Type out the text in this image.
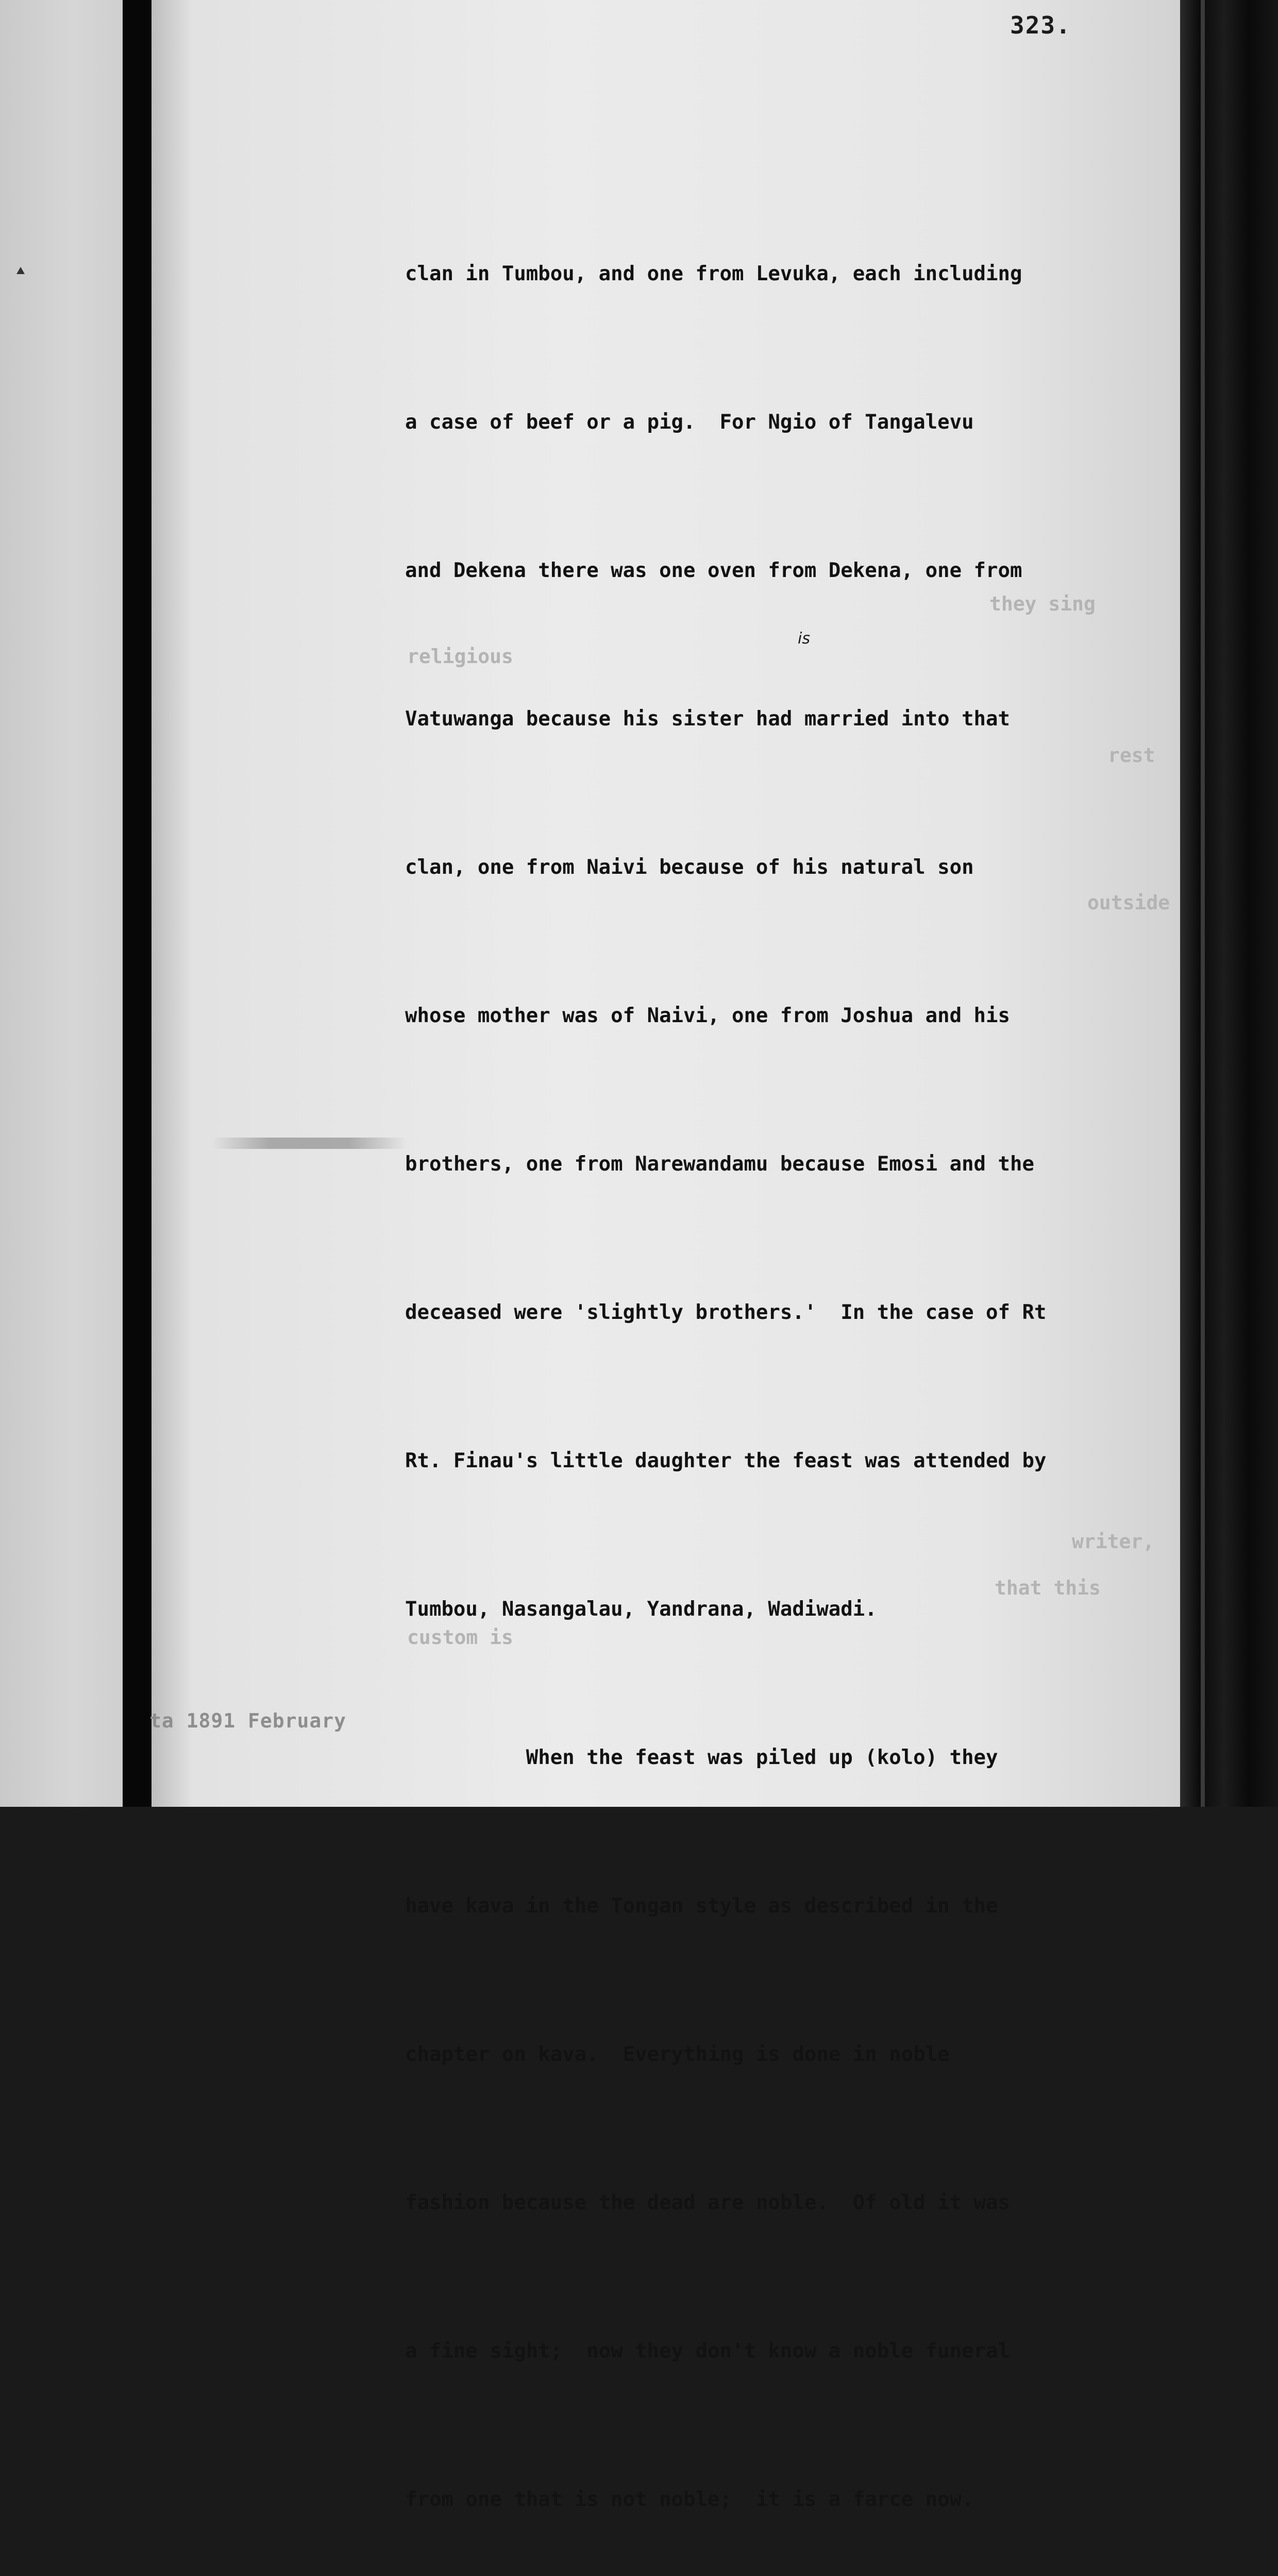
323.
they sing
religious
rest
outside
writer,
that this
custom is
is

clan in Tumbou, and one from Levuka, each including

a case of beef or a pig.  For Ngio of Tangalevu

and Dekena there was one oven from Dekena, one from

Vatuwanga because his sister had married into that

clan, one from Naivi because of his natural son

whose mother was of Naivi, one from Joshua and his

brothers, one from Narewandamu because Emosi and the

deceased were 'slightly brothers.'  In the case of Rt

Rt. Finau's little daughter the feast was attended by

Tumbou, Nasangalau, Yandrana, Wadiwadi.

When the feast was piled up (kolo) they

have kava in the Tongan style as described in the

chapter on kava.  Everything is done in noble

fashion because the dead are noble.  Of old it was

a fine sight;  now they don't know a noble funeral

from one that is not noble;  it is a farce now.

ta 1891 February
